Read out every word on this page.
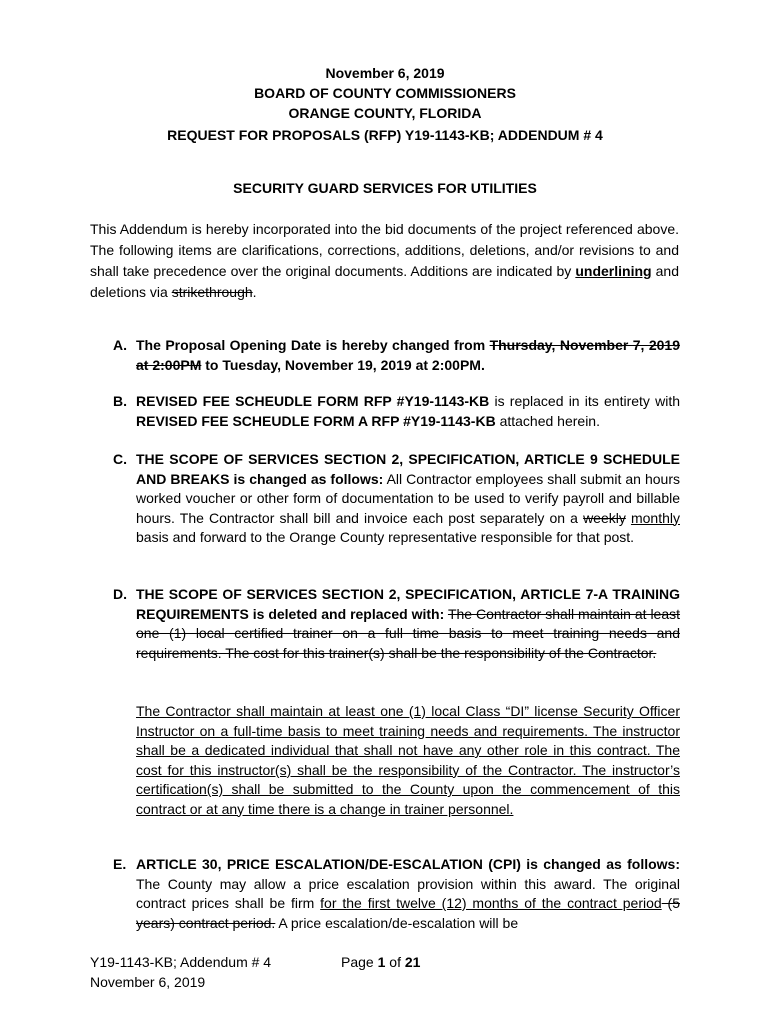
November 6, 2019
BOARD OF COUNTY COMMISSIONERS
ORANGE COUNTY, FLORIDA
REQUEST FOR PROPOSALS (RFP) Y19-1143-KB; ADDENDUM # 4
SECURITY GUARD SERVICES FOR UTILITIES
This Addendum is hereby incorporated into the bid documents of the project referenced above. The following items are clarifications, corrections, additions, deletions, and/or revisions to and shall take precedence over the original documents. Additions are indicated by underlining and deletions via strikethrough.
A. The Proposal Opening Date is hereby changed from Thursday, November 7, 2019 at 2:00PM to Tuesday, November 19, 2019 at 2:00PM.
B. REVISED FEE SCHEUDLE FORM RFP #Y19-1143-KB is replaced in its entirety with REVISED FEE SCHEUDLE FORM A RFP #Y19-1143-KB attached herein.
C. THE SCOPE OF SERVICES SECTION 2, SPECIFICATION, ARTICLE 9 SCHEDULE AND BREAKS is changed as follows: All Contractor employees shall submit an hours worked voucher or other form of documentation to be used to verify payroll and billable hours. The Contractor shall bill and invoice each post separately on a weekly monthly basis and forward to the Orange County representative responsible for that post.
D. THE SCOPE OF SERVICES SECTION 2, SPECIFICATION, ARTICLE 7-A TRAINING REQUIREMENTS is deleted and replaced with: The Contractor shall maintain at least one (1) local certified trainer on a full time basis to meet training needs and requirements. The cost for this trainer(s) shall be the responsibility of the Contractor.
The Contractor shall maintain at least one (1) local Class “DI” license Security Officer Instructor on a full-time basis to meet training needs and requirements. The instructor shall be a dedicated individual that shall not have any other role in this contract. The cost for this instructor(s) shall be the responsibility of the Contractor. The instructor’s certification(s) shall be submitted to the County upon the commencement of this contract or at any time there is a change in trainer personnel.
E. ARTICLE 30, PRICE ESCALATION/DE-ESCALATION (CPI) is changed as follows: The County may allow a price escalation provision within this award. The original contract prices shall be firm for the first twelve (12) months of the contract period (5 years) contract period. A price escalation/de-escalation will be
Y19-1143-KB; Addendum # 4
November 6, 2019
Page 1 of 21
